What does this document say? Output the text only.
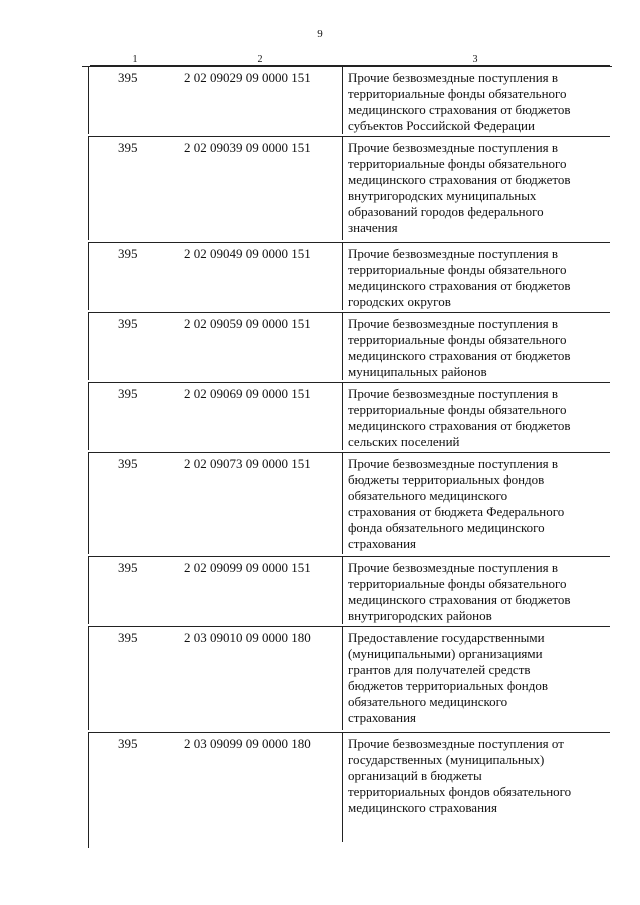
9
1	2	3
395	2 02 09029 09 0000 151	Прочие безвозмездные поступления в
территориальные фонды обязательного
медицинского страхования от бюджетов
субъектов Российской Федерации
395	2 02 09039 09 0000 151	Прочие безвозмездные поступления в
территориальные фонды обязательного
медицинского страхования от бюджетов
внутригородских муниципальных
образований городов федерального
значения
395	2 02 09049 09 0000 151	Прочие безвозмездные поступления в
территориальные фонды обязательного
медицинского страхования от бюджетов
городских округов
395	2 02 09059 09 0000 151	Прочие безвозмездные поступления в
территориальные фонды обязательного
медицинского страхования от бюджетов
муниципальных районов
395	2 02 09069 09 0000 151	Прочие безвозмездные поступления в
территориальные фонды обязательного
медицинского страхования от бюджетов
сельских поселений
395	2 02 09073 09 0000 151	Прочие безвозмездные поступления в
бюджеты территориальных фондов
обязательного медицинского
страхования от бюджета Федерального
фонда обязательного медицинского
страхования
395	2 02 09099 09 0000 151	Прочие безвозмездные поступления в
территориальные фонды обязательного
медицинского страхования от бюджетов
внутригородских районов
395	2 03 09010 09 0000 180	Предоставление государственными
(муниципальными) организациями
грантов для получателей средств
бюджетов территориальных фондов
обязательного медицинского
страхования
395	2 03 09099 09 0000 180	Прочие безвозмездные поступления от
государственных (муниципальных)
организаций в бюджеты
территориальных фондов обязательного
медицинского страхования
